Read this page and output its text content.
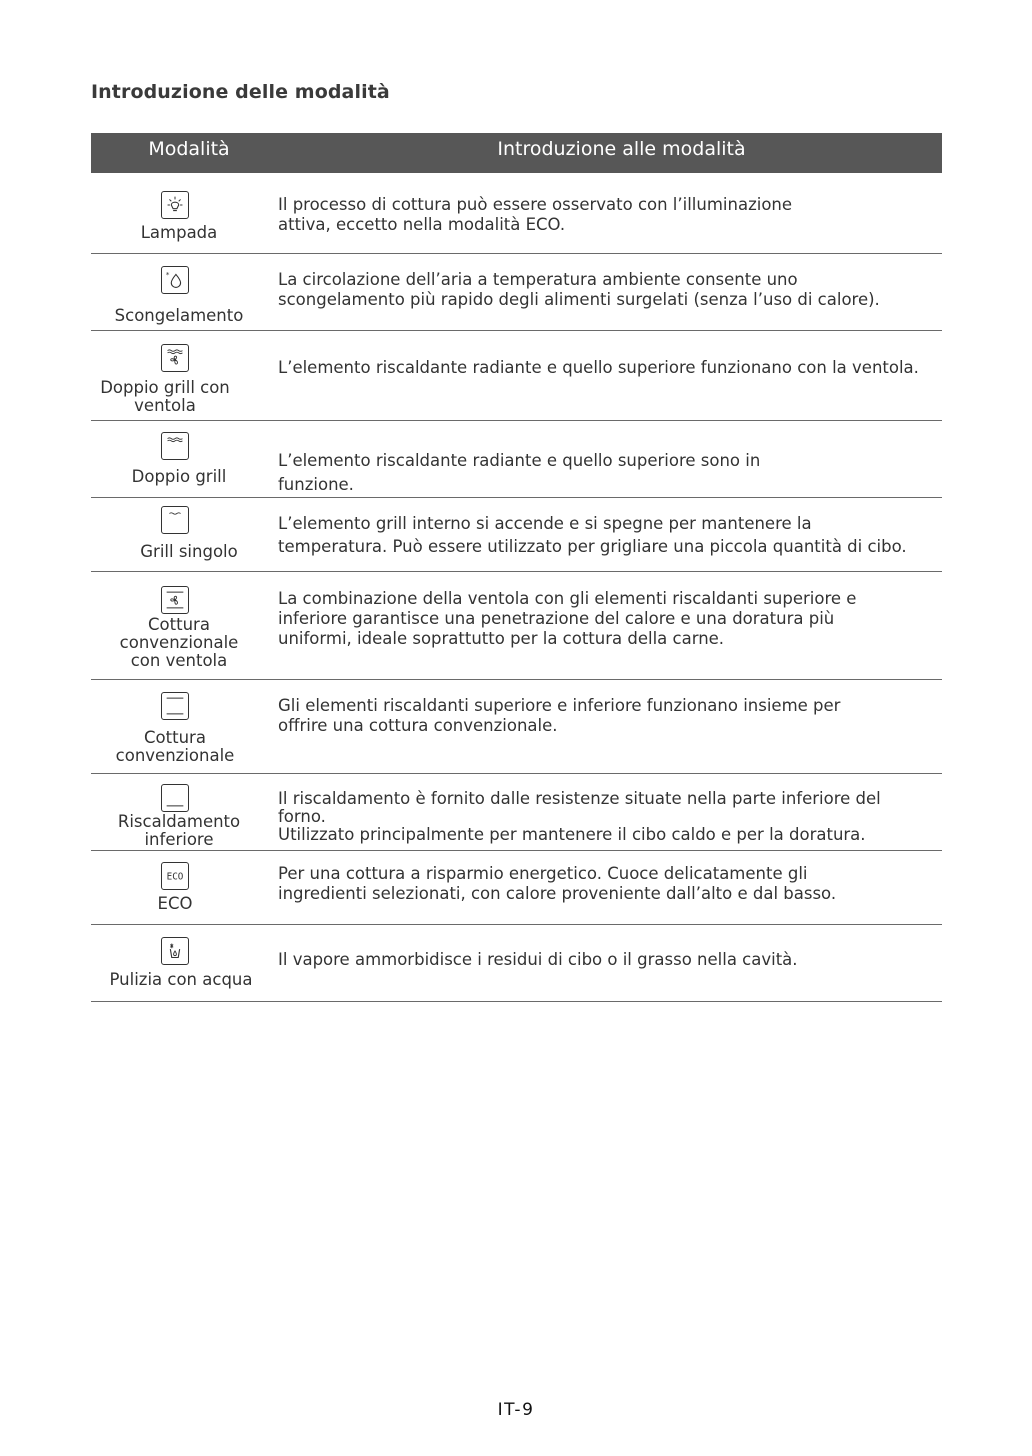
Introduzione delle modalità
Modalità	Introduzione alle modalità
Lampada
Il processo di cottura può essere osservato con l’illuminazione
attiva, eccetto nella modalità ECO.
*
Scongelamento
La circolazione dell’aria a temperatura ambiente consente uno
scongelamento più rapido degli alimenti surgelati (senza l’uso di calore).
Doppio grill con
ventola
L’elemento riscaldante radiante e quello superiore funzionano con la ventola.
Doppio grill
L’elemento riscaldante radiante e quello superiore sono in
funzione.
Grill singolo
L’elemento grill interno si accende e si spegne per mantenere la
temperatura. Può essere utilizzato per grigliare una piccola quantità di cibo.
Cottura
convenzionale
con ventola
La combinazione della ventola con gli elementi riscaldanti superiore e
inferiore garantisce una penetrazione del calore e una doratura più
uniformi, ideale soprattutto per la cottura della carne.
Cottura
convenzionale
Gli elementi riscaldanti superiore e inferiore funzionano insieme per
offrire una cottura convenzionale.
Riscaldamento
inferiore
Il riscaldamento è fornito dalle resistenze situate nella parte inferiore del
forno.
Utilizzato principalmente per mantenere il cibo caldo e per la doratura.
ECO
ECO
Per una cottura a risparmio energetico. Cuoce delicatamente gli
ingredienti selezionati, con calore proveniente dall’alto e dal basso.
Pulizia con acqua
Il vapore ammorbidisce i residui di cibo o il grasso nella cavità.
IT-9
